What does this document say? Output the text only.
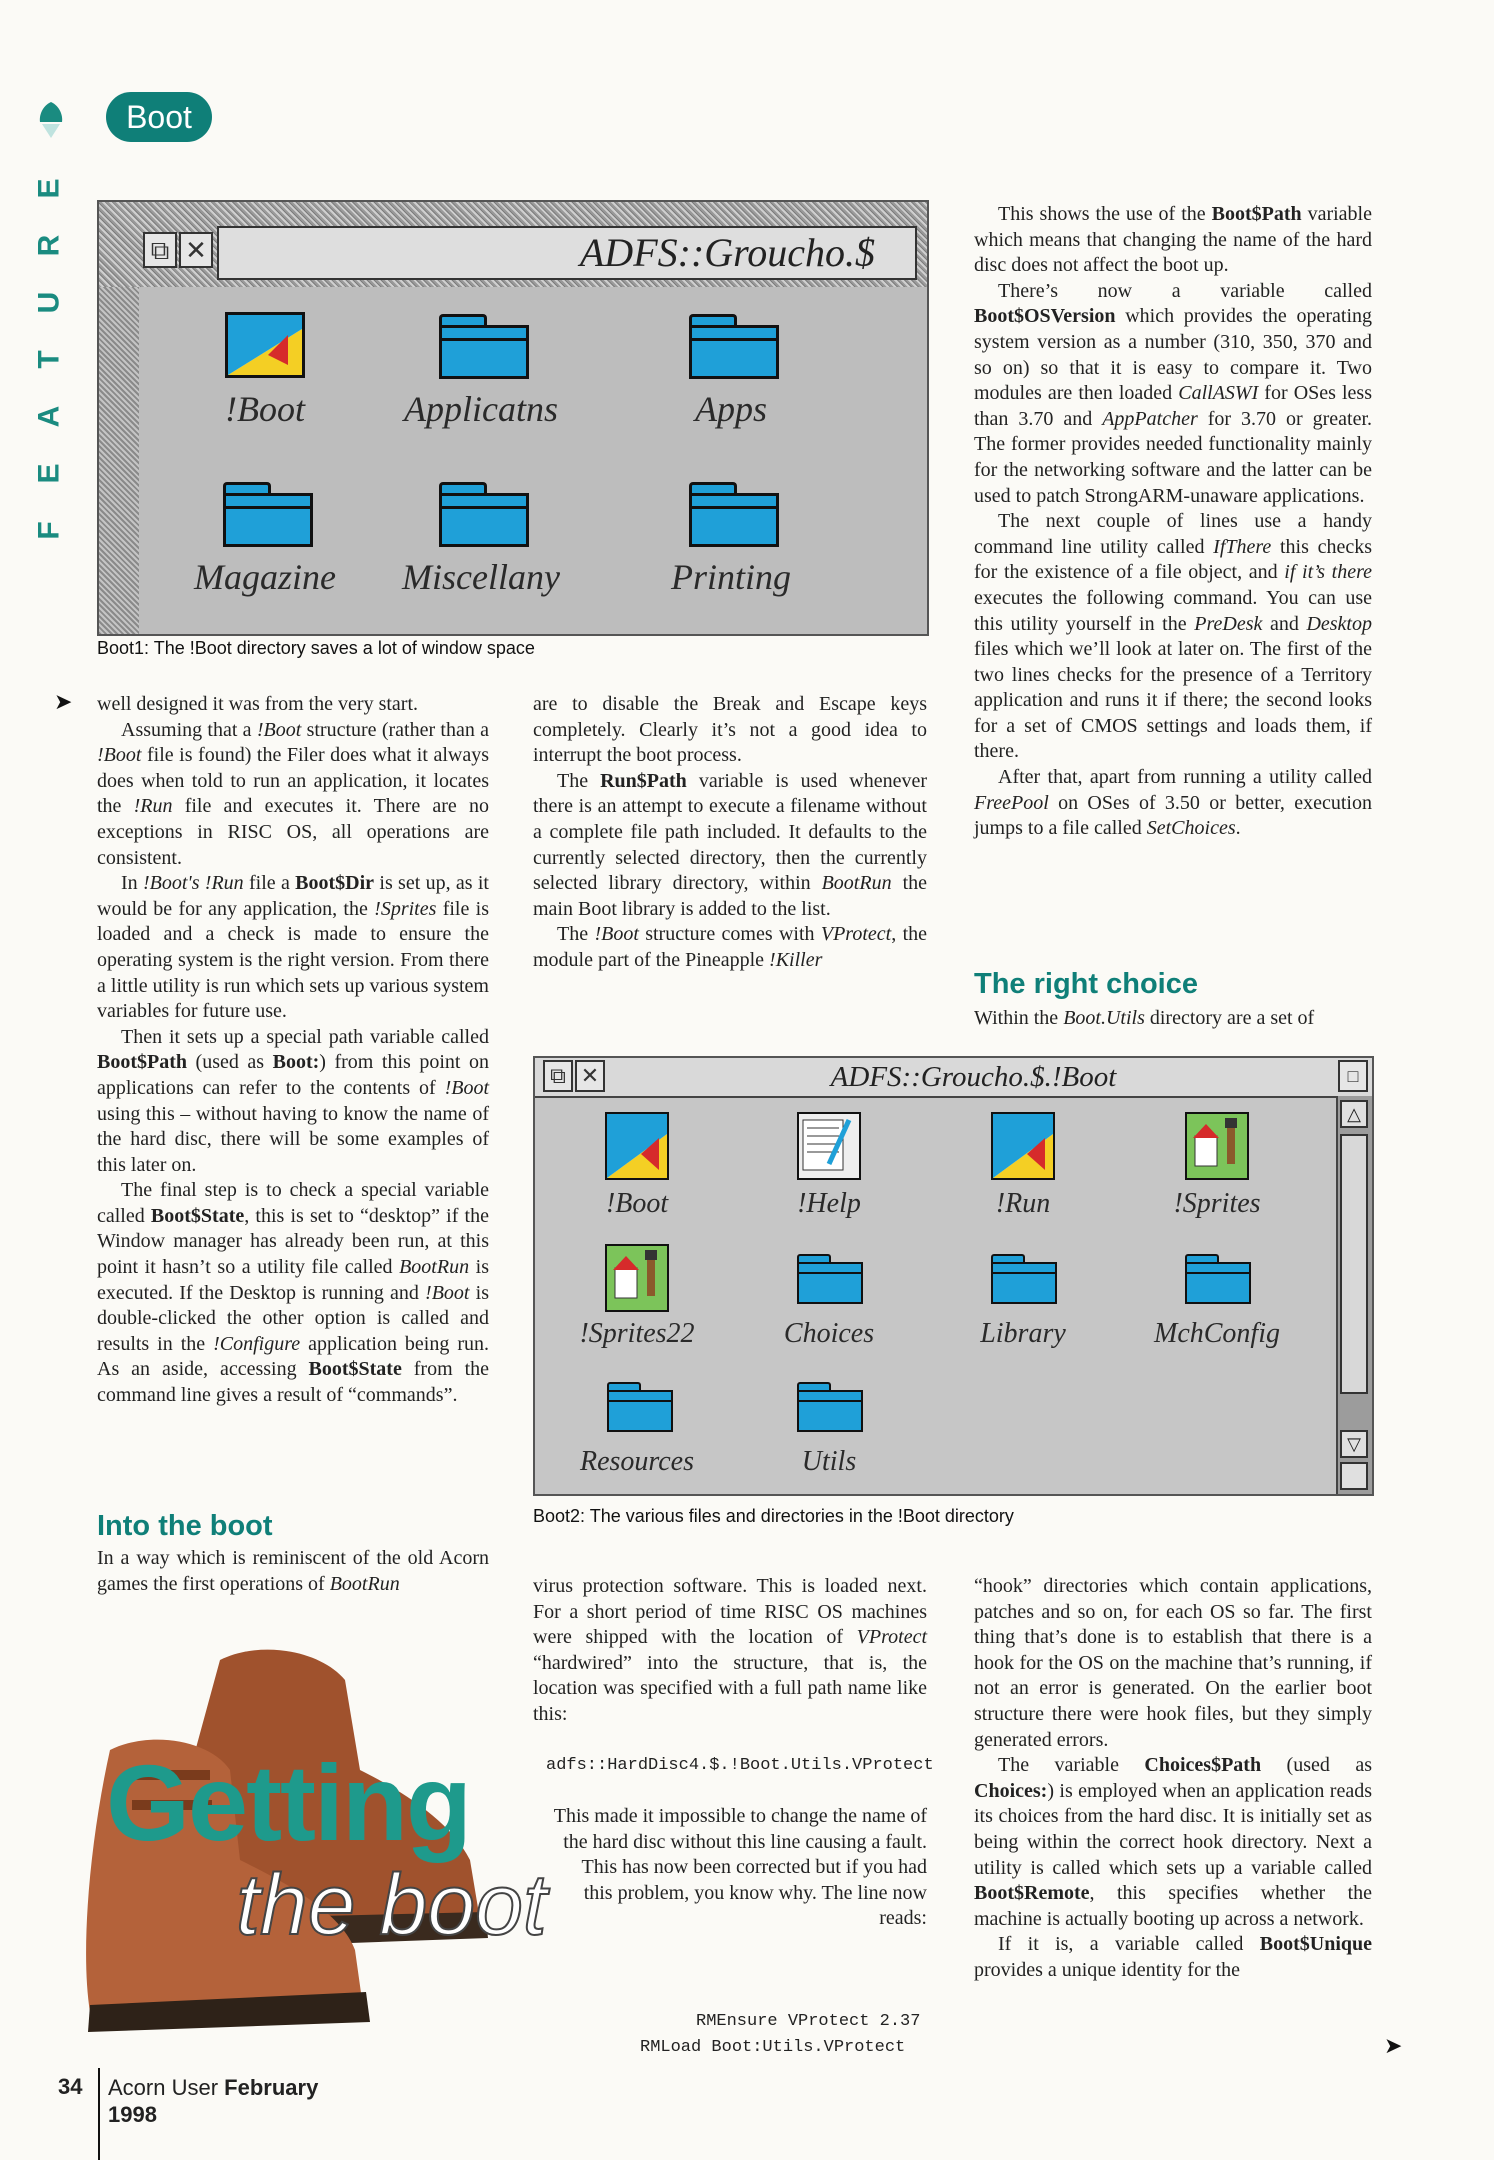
Boot
E
R
U
T
A
E
F
⧉ ✕	ADFS::Groucho.$
!Boot	Applicatns	Apps
Magazine	Miscellany	Printing
Boot1: The !Boot directory saves a lot of window space
➤ well designed it was from the very start.

Assuming that a !Boot structure (rather than a !Boot file is found) the Filer does what it always does when told to run an application, it locates the !Run file and executes it. There are no exceptions in RISC OS, all operations are consistent.

In !Boot's !Run file a Boot$Dir is set up, as it would be for any application, the !Sprites file is loaded and a check is made to ensure the operating system is the right version. From there a little utility is run which sets up various system variables for future use.

Then it sets up a special path variable called Boot$Path (used as Boot:) from this point on applications can refer to the contents of !Boot using this – without having to know the name of the hard disc, there will be some examples of this later on.

The final step is to check a special variable called Boot$State, this is set to “desktop” if the Window manager has already been run, at this point it hasn’t so a utility file called BootRun is executed. If the Desktop is running and !Boot is double-clicked the other option is called and results in the !Configure application being run. As an aside, accessing Boot$State from the command line gives a result of “commands”.

Into the boot

In a way which is reminiscent of the old Acorn games the first operations of BootRun

Getting
the boot

are to disable the Break and Escape keys completely. Clearly it’s not a good idea to interrupt the boot process.

The Run$Path variable is used whenever there is an attempt to execute a filename without a complete file path included. It defaults to the currently selected directory, then the currently selected library directory, within BootRun the main Boot library is added to the list.

The !Boot structure comes with VProtect, the module part of the Pineapple !Killer

This shows the use of the Boot$Path variable which means that changing the name of the hard disc does not affect the boot up.

There’s now a variable called Boot$OSVersion which provides the operating system version as a number (310, 350, 370 and so on) so that it is easy to compare it. Two modules are then loaded CallASWI for OSes less than 3.70 and AppPatcher for 3.70 or greater. The former provides needed functionality mainly for the networking software and the latter can be used to patch StrongARM-unaware applications.

The next couple of lines use a handy command line utility called IfThere this checks for the existence of a file object, and if it’s there executes the following command. You can use this utility yourself in the PreDesk and Desktop files which we’ll look at later on. The first of the two lines checks for the presence of a Territory application and runs it if there; the second looks for a set of CMOS settings and loads them, if there.

After that, apart from running a utility called FreePool on OSes of 3.50 or better, execution jumps to a file called SetChoices.

The right choice

Within the Boot.Utils directory are a set of

⧉ ✕	ADFS::Groucho.$.!Boot	□
△
▽
!Boot	!Help	!Run	!Sprites
!Sprites22	Choices	Library	MchConfig
Resources	Utils
Boot2: The various files and directories in the !Boot directory

virus protection software. This is loaded next. For a short period of time RISC OS machines were shipped with the location of VProtect “hardwired” into the structure, that is, the location was specified with a full path name like this:

adfs::HardDisc4.$.!Boot.Utils.VProtect

This made it impossible to change the name of the hard disc without this line causing a fault. This has now been corrected but if you had this problem, you know why. The line now reads:

RMEnsure VProtect 2.37
RMLoad Boot:Utils.VProtect

“hook” directories which contain applications, patches and so on, for each OS so far. The first thing that’s done is to establish that there is a hook for the OS on the machine that’s running, if not an error is generated. On the earlier boot structure there were hook files, but they simply generated errors.

The variable Choices$Path (used as Choices:) is employed when an application reads its choices from the hard disc. It is initially set as being within the correct hook directory. Next a utility is called which sets up a variable called Boot$Remote, this specifies whether the machine is actually booting up across a network.

If it is, a variable called Boot$Unique provides a unique identity for the

➤
34 Acorn User February
1998
